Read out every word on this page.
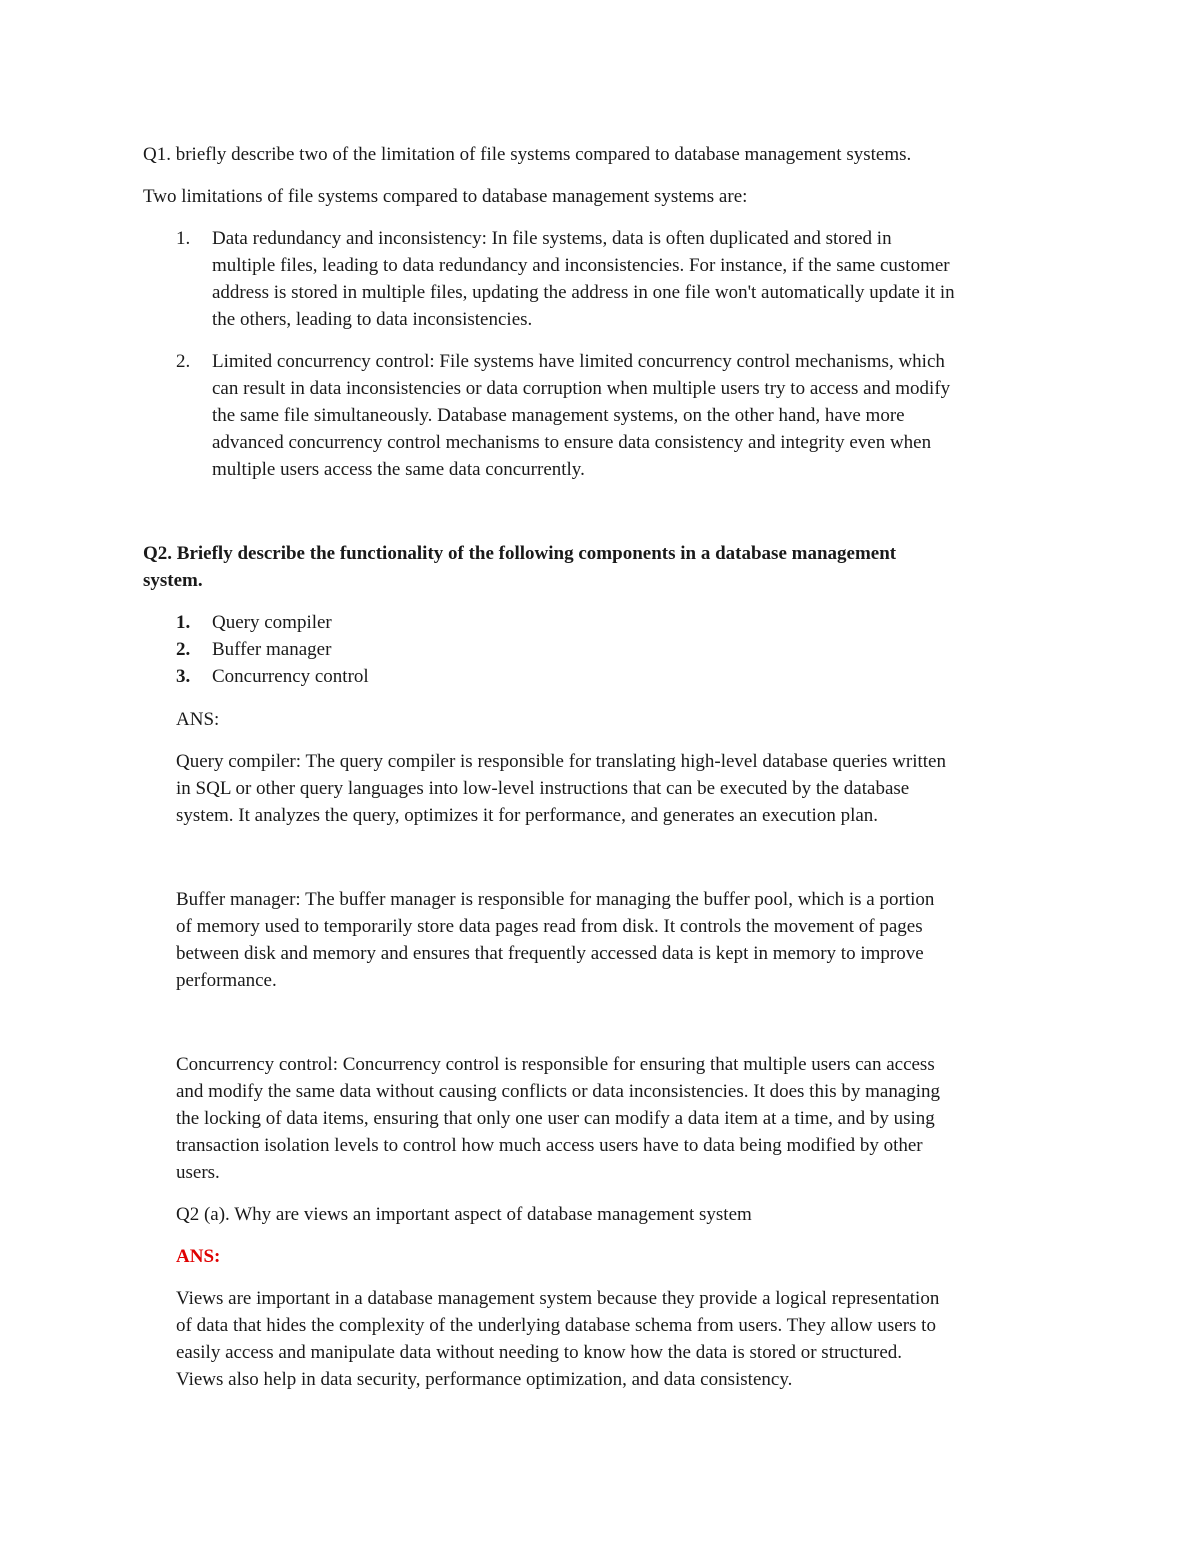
Q1. briefly describe two of the limitation of file systems compared to database management systems.
Two limitations of file systems compared to database management systems are:
1. Data redundancy and inconsistency: In file systems, data is often duplicated and stored in
multiple files, leading to data redundancy and inconsistencies. For instance, if the same customer
address is stored in multiple files, updating the address in one file won't automatically update it in
the others, leading to data inconsistencies.
2. Limited concurrency control: File systems have limited concurrency control mechanisms, which
can result in data inconsistencies or data corruption when multiple users try to access and modify
the same file simultaneously. Database management systems, on the other hand, have more
advanced concurrency control mechanisms to ensure data consistency and integrity even when
multiple users access the same data concurrently.
Q2. Briefly describe the functionality of the following components in a database management
system.
1. Query compiler
2. Buffer manager
3. Concurrency control
ANS:
Query compiler: The query compiler is responsible for translating high-level database queries written
in SQL or other query languages into low-level instructions that can be executed by the database
system. It analyzes the query, optimizes it for performance, and generates an execution plan.
Buffer manager: The buffer manager is responsible for managing the buffer pool, which is a portion
of memory used to temporarily store data pages read from disk. It controls the movement of pages
between disk and memory and ensures that frequently accessed data is kept in memory to improve
performance.
Concurrency control: Concurrency control is responsible for ensuring that multiple users can access
and modify the same data without causing conflicts or data inconsistencies. It does this by managing
the locking of data items, ensuring that only one user can modify a data item at a time, and by using
transaction isolation levels to control how much access users have to data being modified by other
users.
Q2 (a). Why are views an important aspect of database management system
ANS:
Views are important in a database management system because they provide a logical representation
of data that hides the complexity of the underlying database schema from users. They allow users to
easily access and manipulate data without needing to know how the data is stored or structured.
Views also help in data security, performance optimization, and data consistency.
